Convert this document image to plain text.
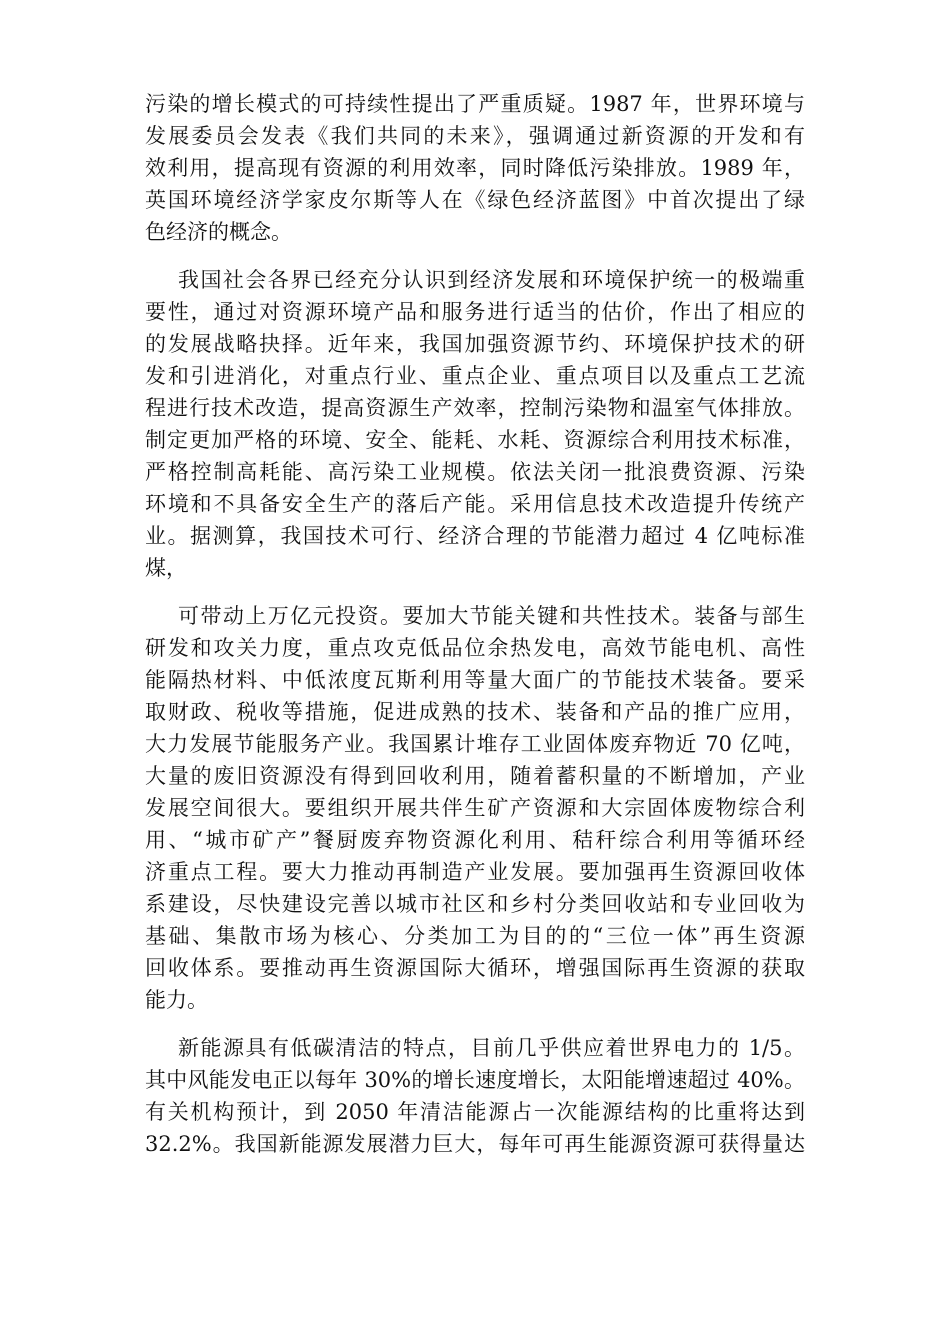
污染的增长模式的可持续性提出了严重质疑。1987 年，世界环境与
发展委员会发表《我们共同的未来》，强调通过新资源的开发和有
效利用，提高现有资源的利用效率，同时降低污染排放。1989 年，
英国环境经济学家皮尔斯等人在《绿色经济蓝图》中首次提出了绿
色经济的概念。
我国社会各界已经充分认识到经济发展和环境保护统一的极端重
要性，通过对资源环境产品和服务进行适当的估价，作出了相应的
的发展战略抉择。近年来，我国加强资源节约、环境保护技术的研
发和引进消化，对重点行业、重点企业、重点项目以及重点工艺流
程进行技术改造，提高资源生产效率，控制污染物和温室气体排放。
制定更加严格的环境、安全、能耗、水耗、资源综合利用技术标准，
严格控制高耗能、高污染工业规模。依法关闭一批浪费资源、污染
环境和不具备安全生产的落后产能。采用信息技术改造提升传统产
业。据测算，我国技术可行、经济合理的节能潜力超过 4 亿吨标准
煤，
可带动上万亿元投资。要加大节能关键和共性技术。装备与部生
研发和攻关力度，重点攻克低品位余热发电，高效节能电机、高性
能隔热材料、中低浓度瓦斯利用等量大面广的节能技术装备。要采
取财政、税收等措施，促进成熟的技术、装备和产品的推广应用，
大力发展节能服务产业。我国累计堆存工业固体废弃物近 70 亿吨，
大量的废旧资源没有得到回收利用，随着蓄积量的不断增加，产业
发展空间很大。要组织开展共伴生矿产资源和大宗固体废物综合利
用、“城市矿产”餐厨废弃物资源化利用、秸秆综合利用等循环经
济重点工程。要大力推动再制造产业发展。要加强再生资源回收体
系建设，尽快建设完善以城市社区和乡村分类回收站和专业回收为
基础、集散市场为核心、分类加工为目的的“三位一体”再生资源
回收体系。要推动再生资源国际大循环，增强国际再生资源的获取
能力。
新能源具有低碳清洁的特点，目前几乎供应着世界电力的 1/5。
其中风能发电正以每年 30%的增长速度增长，太阳能增速超过 40%。
有关机构预计，到 2050 年清洁能源占一次能源结构的比重将达到
32.2%。我国新能源发展潜力巨大，每年可再生能源资源可获得量达
